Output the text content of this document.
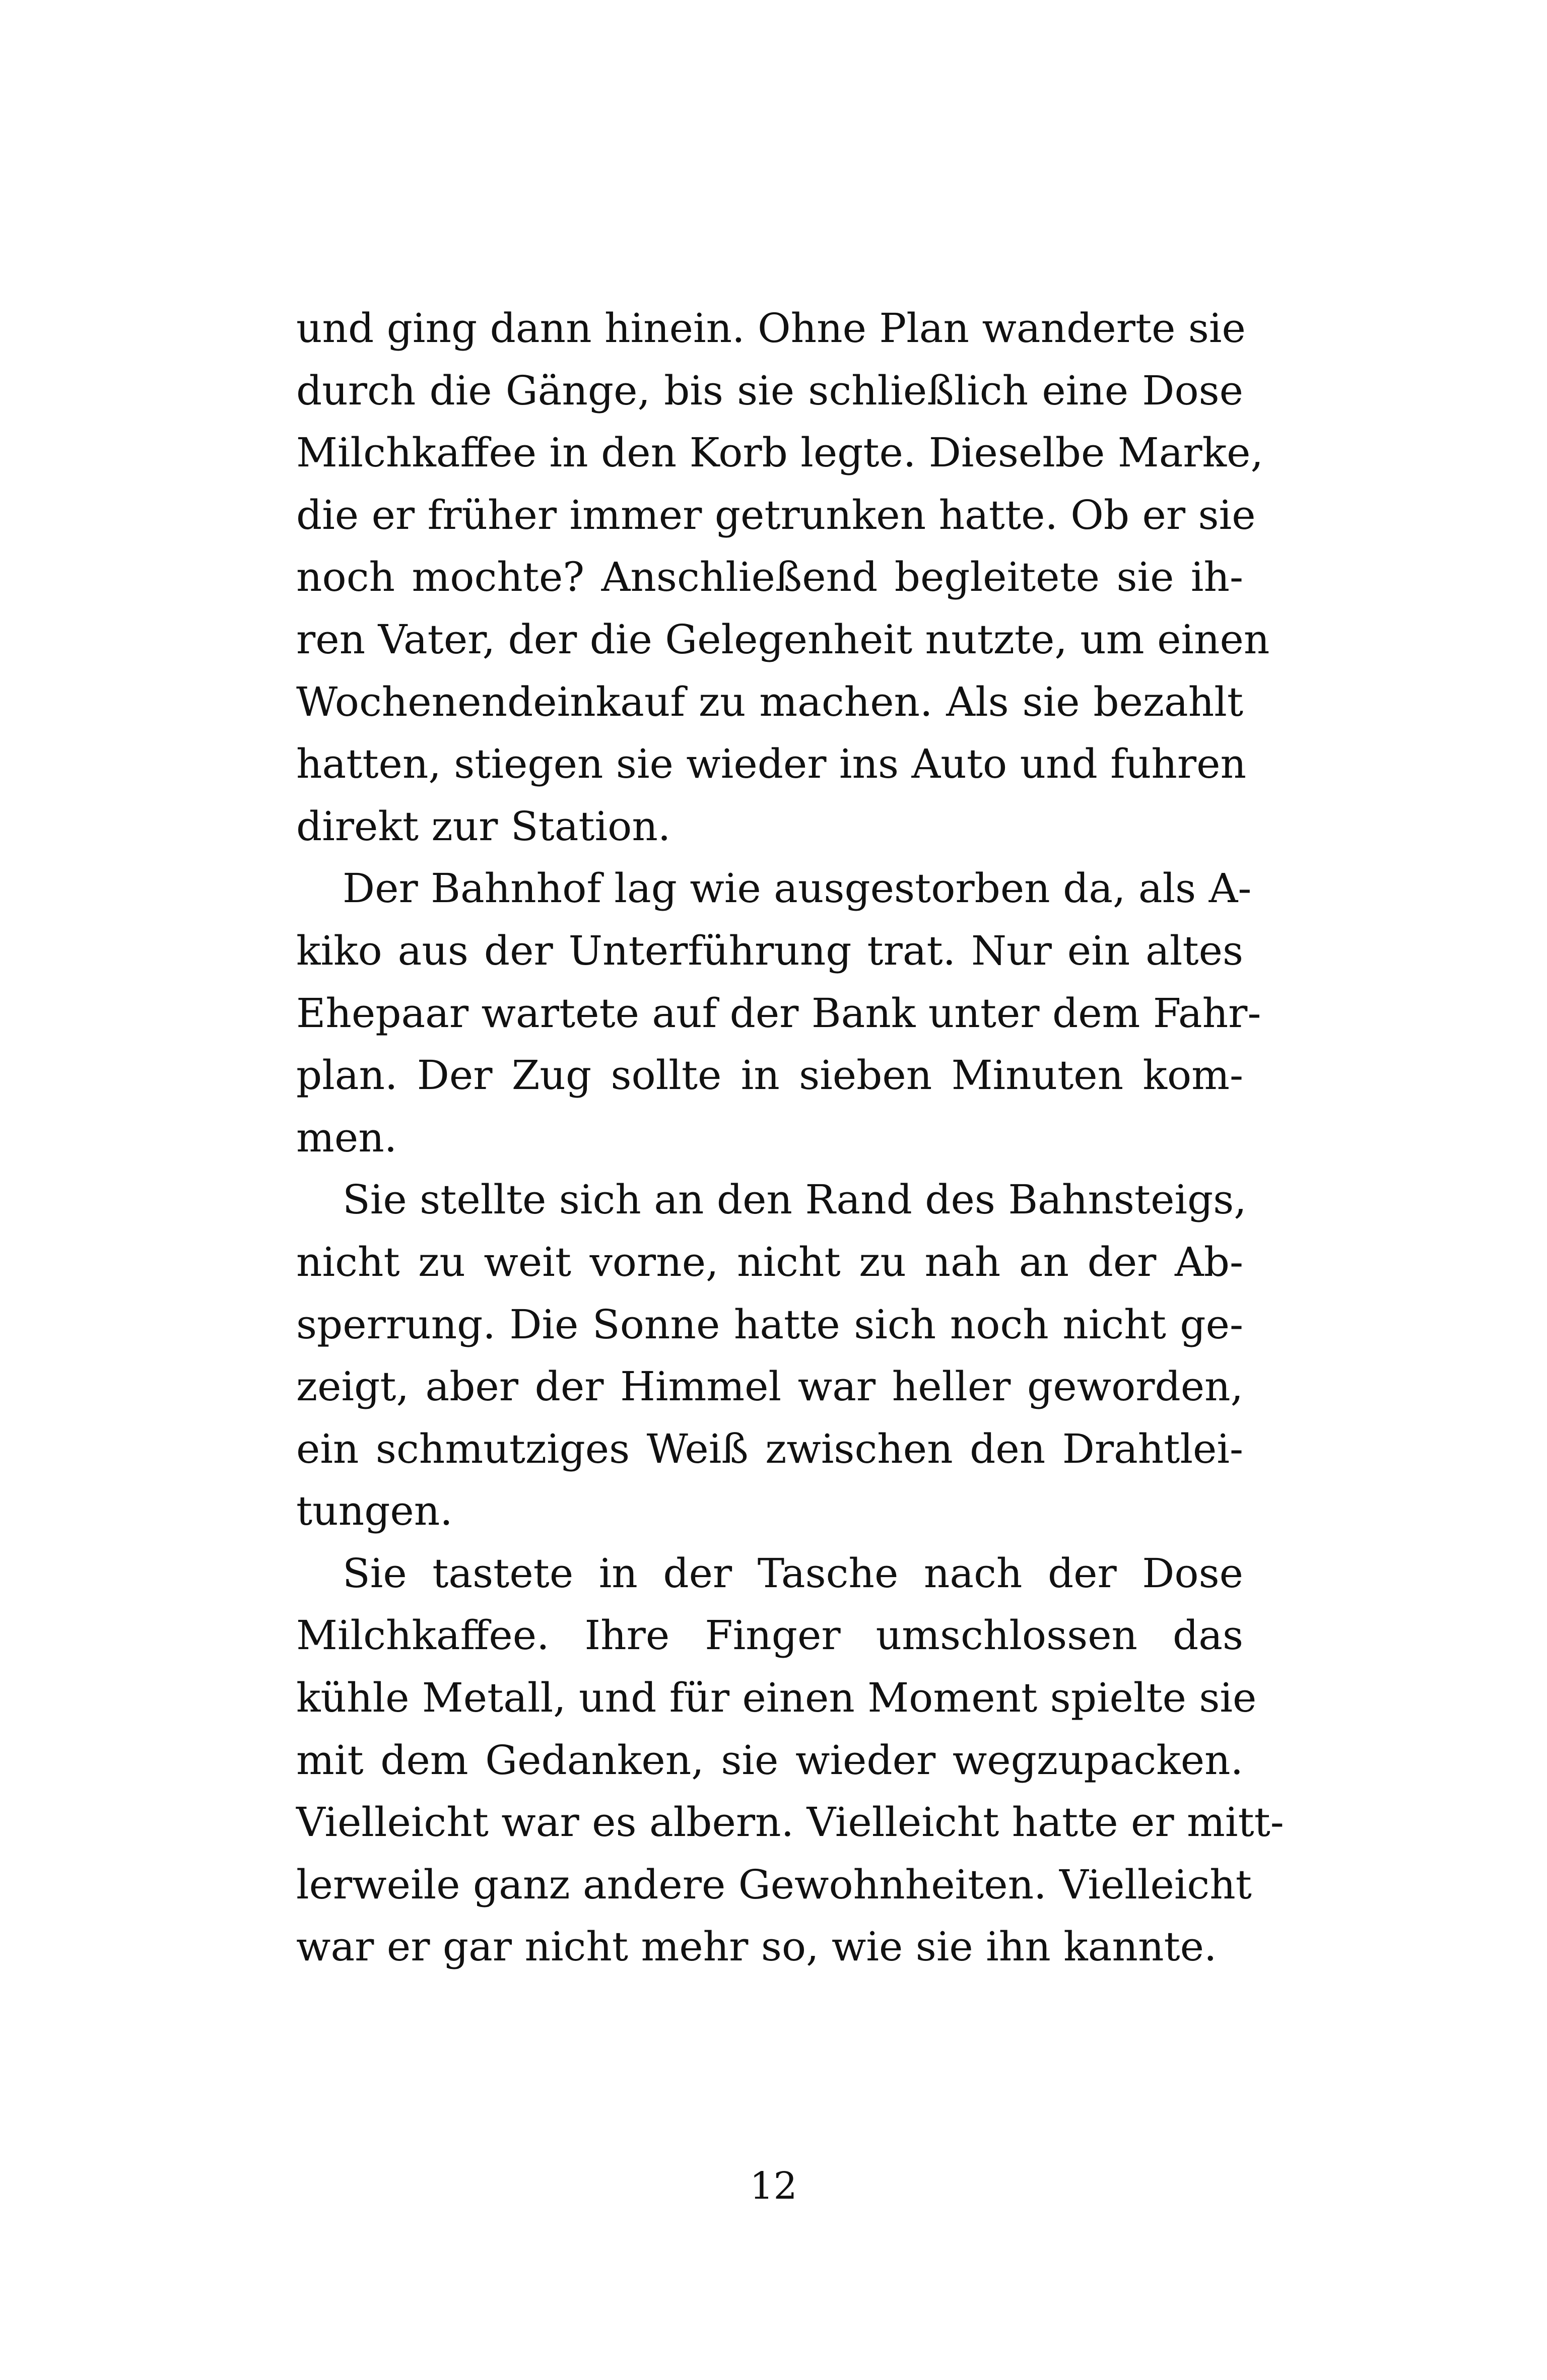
und ging dann hinein. Ohne Plan wanderte sie
durch die Gänge, bis sie schließlich eine Dose
Milchkaffee in den Korb legte. Dieselbe Marke,
die er früher immer getrunken hatte. Ob er sie
noch mochte? Anschließend begleitete sie ih-
ren Vater, der die Gelegenheit nutzte, um einen
Wochenendeinkauf zu machen. Als sie bezahlt
hatten, stiegen sie wieder ins Auto und fuhren
direkt zur Station.
Der Bahnhof lag wie ausgestorben da, als A-
kiko aus der Unterführung trat. Nur ein altes
Ehepaar wartete auf der Bank unter dem Fahr-
plan. Der Zug sollte in sieben Minuten kom-
men.
Sie stellte sich an den Rand des Bahnsteigs,
nicht zu weit vorne, nicht zu nah an der Ab-
sperrung. Die Sonne hatte sich noch nicht ge-
zeigt, aber der Himmel war heller geworden,
ein schmutziges Weiß zwischen den Drahtlei-
tungen.
Sie tastete in der Tasche nach der Dose
Milchkaffee. Ihre Finger umschlossen das
kühle Metall, und für einen Moment spielte sie
mit dem Gedanken, sie wieder wegzupacken.
Vielleicht war es albern. Vielleicht hatte er mitt-
lerweile ganz andere Gewohnheiten. Vielleicht
war er gar nicht mehr so, wie sie ihn kannte.
12
